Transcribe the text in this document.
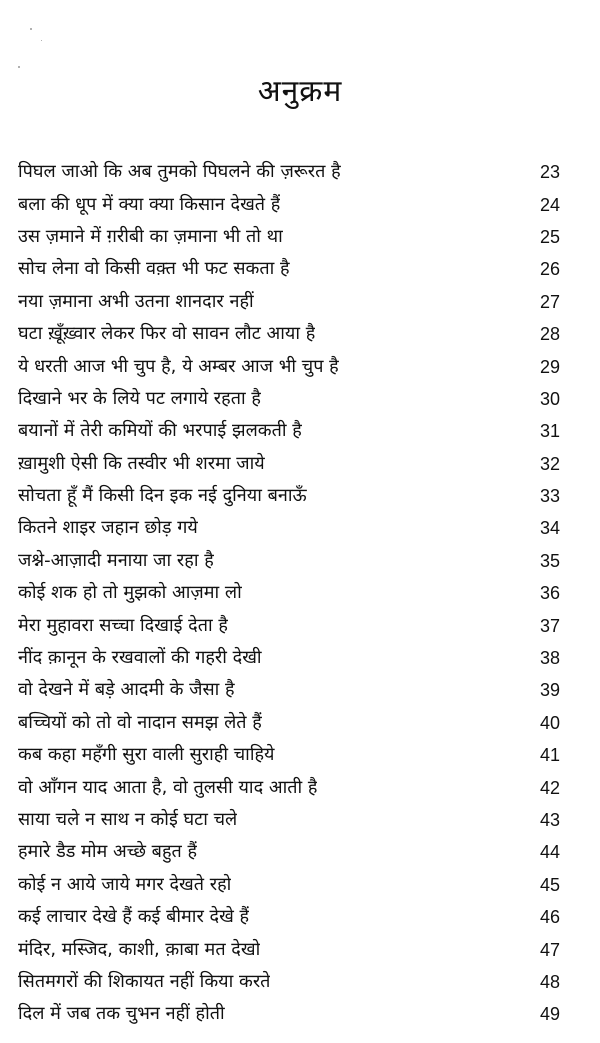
अनुक्रम
पिघल जाओ कि अब तुमको पिघलने की ज़रूरत है	23
बला की धूप में क्या क्या किसान देखते हैं	24
उस ज़माने में ग़रीबी का ज़माना भी तो था	25
सोच लेना वो किसी वक़्त भी फट सकता है	26
नया ज़माना अभी उतना शानदार नहीं	27
घटा ख़ूँख़्वार लेकर फिर वो सावन लौट आया है	28
ये धरती आज भी चुप है, ये अम्बर आज भी चुप है	29
दिखाने भर के लिये पट लगाये रहता है	30
बयानों में तेरी कमियों की भरपाई झलकती है	31
ख़ामुशी ऐसी कि तस्वीर भी शरमा जाये	32
सोचता हूँ मैं किसी दिन इक नई दुनिया बनाऊँ	33
कितने शाइर जहान छोड़ गये	34
जश्ने-आज़ादी मनाया जा रहा है	35
कोई शक हो तो मुझको आज़मा लो	36
मेरा मुहावरा सच्चा दिखाई देता है	37
नींद क़ानून के रखवालों की गहरी देखी	38
वो देखने में बड़े आदमी के जैसा है	39
बच्चियों को तो वो नादान समझ लेते हैं	40
कब कहा महँगी सुरा वाली सुराही चाहिये	41
वो आँगन याद आता है, वो तुलसी याद आती है	42
साया चले न साथ न कोई घटा चले	43
हमारे डैड मोम अच्छे बहुत हैं	44
कोई न आये जाये मगर देखते रहो	45
कई लाचार देखे हैं कई बीमार देखे हैं	46
मंदिर, मस्जिद, काशी, क़ाबा मत देखो	47
सितमगरों की शिकायत नहीं किया करते	48
दिल में जब तक चुभन नहीं होती	49
